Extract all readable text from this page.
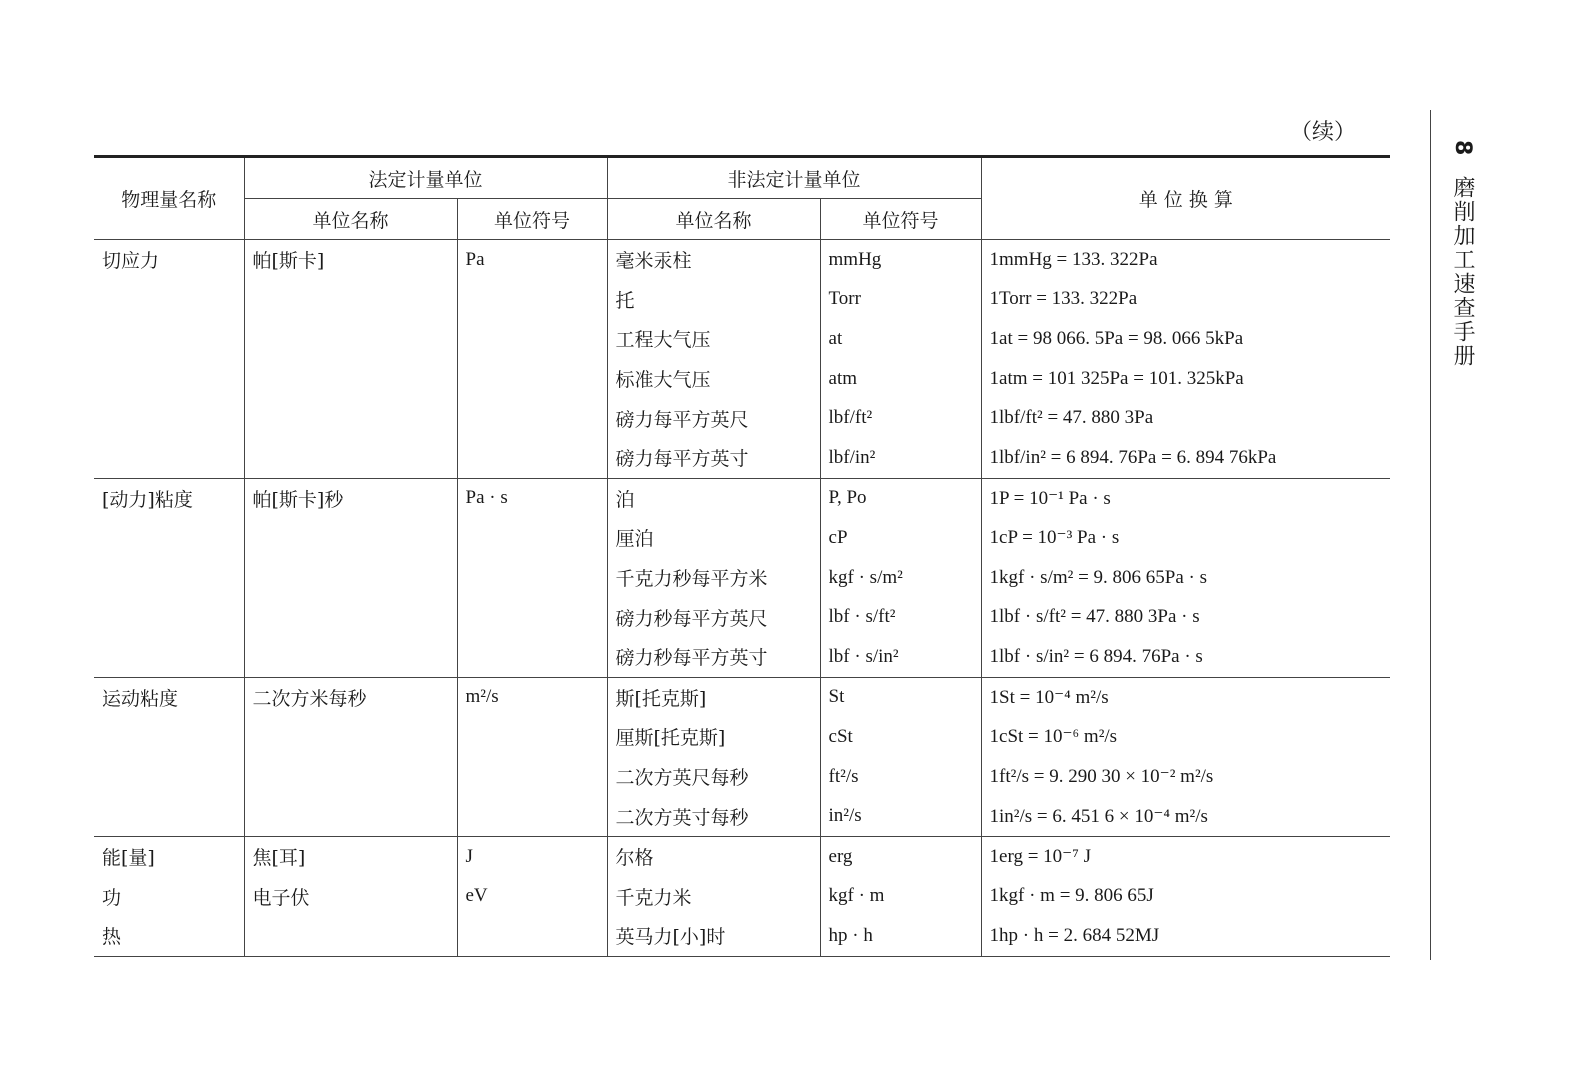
（续）
8 磨削加工速查手册
物理量名称	法定计量单位		非法定计量单位		单 位 换 算
	单位名称	单位符号	单位名称	单位符号	
切应力	帕[斯卡]	Pa	毫米汞柱	mmHg	1mmHg = 133. 322Pa
			托	Torr	1Torr = 133. 322Pa
			工程大气压	at	1at = 98 066. 5Pa = 98. 066 5kPa
			标准大气压	atm	1atm = 101 325Pa = 101. 325kPa
			磅力每平方英尺	lbf/ft²	1lbf/ft² = 47. 880 3Pa
			磅力每平方英寸	lbf/in²	1lbf/in² = 6 894. 76Pa = 6. 894 76kPa
[动力]粘度	帕[斯卡]秒	Pa · s	泊	P, Po	1P = 10⁻¹ Pa · s
			厘泊	cP	1cP = 10⁻³ Pa · s
			千克力秒每平方米	kgf · s/m²	1kgf · s/m² = 9. 806 65Pa · s
			磅力秒每平方英尺	lbf · s/ft²	1lbf · s/ft² = 47. 880 3Pa · s
			磅力秒每平方英寸	lbf · s/in²	1lbf · s/in² = 6 894. 76Pa · s
运动粘度	二次方米每秒	m²/s	斯[托克斯]	St	1St = 10⁻⁴ m²/s
			厘斯[托克斯]	cSt	1cSt = 10⁻⁶ m²/s
			二次方英尺每秒	ft²/s	1ft²/s = 9. 290 30 × 10⁻² m²/s
			二次方英寸每秒	in²/s	1in²/s = 6. 451 6 × 10⁻⁴ m²/s
能[量]	焦[耳]	J	尔格	erg	1erg = 10⁻⁷ J
功	电子伏	eV	千克力米	kgf · m	1kgf · m = 9. 806 65J
热			英马力[小]时	hp · h	1hp · h = 2. 684 52MJ
